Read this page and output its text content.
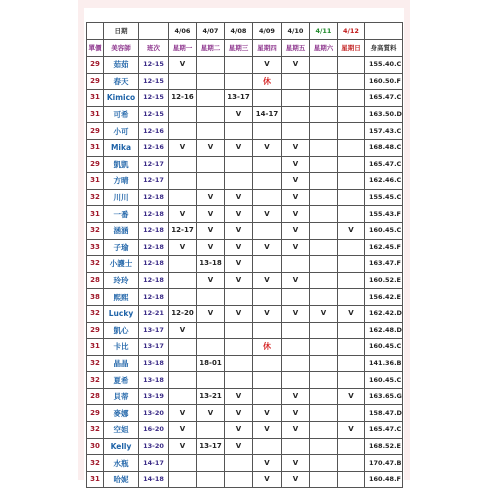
	日期		4/06	4/07	4/08	4/09	4/10	4/11	4/12	
單價	美容師	班次	星期一	星期二	星期三	星期四	星期五	星期六	星期日	身高質料
29	茹茹	12-15	V			V	V			155.40.C
29	春天	12-15				休				160.50.F
31	Kimico	12-15	12-16		13-17					165.47.C
31	可希	12-15			V	14-17				163.50.D
29	小可	12-16								157.43.C
31	Mika	12-16	V	V	V	V	V			168.48.C
29	凱凱	12-17					V			165.47.C
31	方晴	12-17					V			162.46.C
32	川川	12-18		V	V		V			155.45.C
31	一番	12-18	V	V	V	V	V			155.43.F
32	涵涵	12-18	12-17	V	V		V		V	160.45.C
33	子瑜	12-18	V	V	V	V	V			162.45.F
32	小護士	12-18		13-18	V					163.47.F
28	玲玲	12-18		V	V	V	V			160.52.E
38	熙熙	12-18								156.42.E
32	Lucky	12-21	12-20	V	V	V	V	V	V	162.42.D
29	凱心	13-17	V							162.48.D
31	卡比	13-17				休				160.45.C
32	晶晶	13-18		18-01						141.36.B
32	夏希	13-18								160.45.C
28	貝蒂	13-19		13-21	V		V		V	163.65.G
29	麥娜	13-20	V	V	V	V	V			158.47.D
32	空姐	16-20	V		V	V	V		V	165.47.C
30	Kelly	13-20	V	13-17	V					168.52.E
32	水瓶	14-17				V	V			170.47.B
31	哈妮	14-18				V	V			160.48.F
